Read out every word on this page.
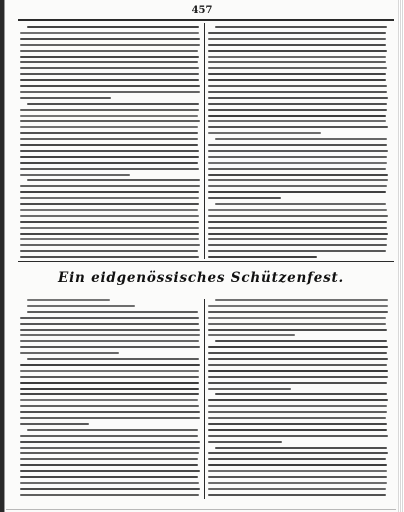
457
Ein eidgenössisches Schützenfest.
